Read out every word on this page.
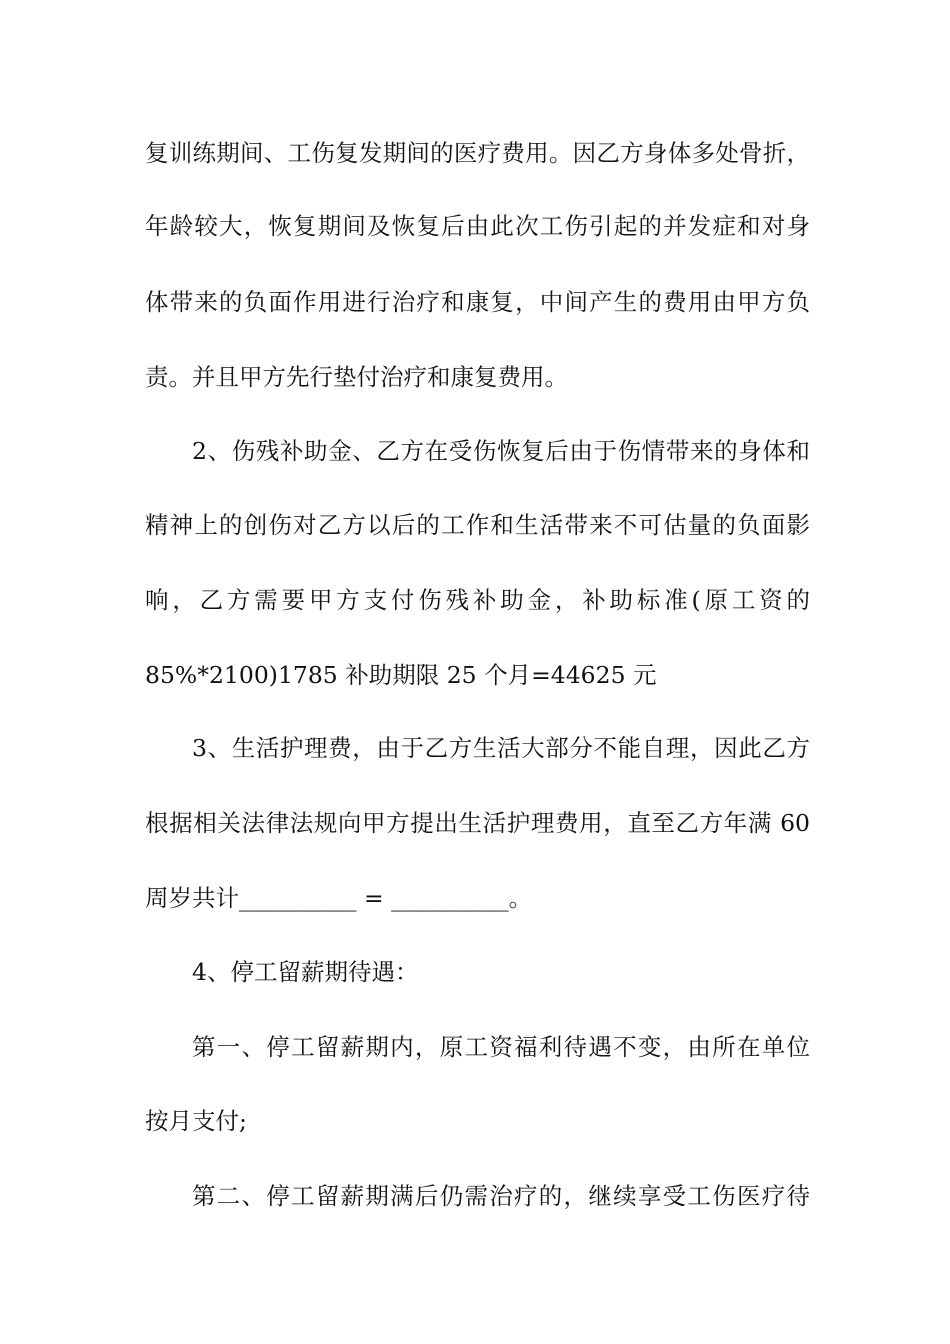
复训练期间、工伤复发期间的医疗费用。因乙方身体多处骨折，
年龄较大，恢复期间及恢复后由此次工伤引起的并发症和对身
体带来的负面作用进行治疗和康复，中间产生的费用由甲方负
责。并且甲方先行垫付治疗和康复费用。
2、伤残补助金、乙方在受伤恢复后由于伤情带来的身体和
精神上的创伤对乙方以后的工作和生活带来不可估量的负面影
响，乙方需要甲方支付伤残补助金，补助标准(原工资的
85%*2100)1785 补助期限 25 个月=44625 元
3、生活护理费，由于乙方生活大部分不能自理，因此乙方
根据相关法律法规向甲方提出生活护理费用，直至乙方年满 60
周岁共计__________ = __________。
4、停工留薪期待遇：
第一、停工留薪期内，原工资福利待遇不变，由所在单位
按月支付;
第二、停工留薪期满后仍需治疗的，继续享受工伤医疗待
